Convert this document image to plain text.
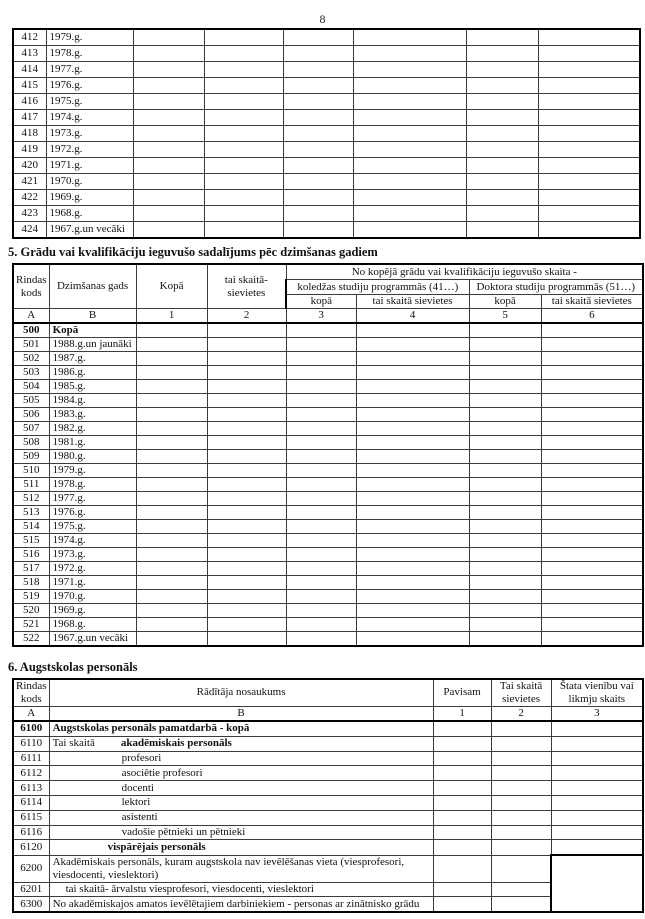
8
412	1979.g.						
413	1978.g.						
414	1977.g.						
415	1976.g.						
416	1975.g.						
417	1974.g.						
418	1973.g.						
419	1972.g.						
420	1971.g.						
421	1970.g.						
422	1969.g.						
423	1968.g.						
424	1967.g.un vecāki						
5. Grādu vai kvalifikāciju ieguvušo sadalījums pēc dzimšanas gadiem
Rindas kods	Dzimšanas gads	Kopā	tai skaitā- sievietes	No kopējā grādu vai kvalifikāciju ieguvušo skaita -			
				koledžas studiju programmās (41…)		Doktora studiju programmās (51…)	
				kopā	tai skaitā sievietes	kopā	tai skaitā sievietes
A	B	1	2	3	4	5	6
500	Kopā						
501	1988.g.un jaunāki						
502	1987.g.						
503	1986.g.						
504	1985.g.						
505	1984.g.						
506	1983.g.						
507	1982.g.						
508	1981.g.						
509	1980.g.						
510	1979.g.						
511	1978.g.						
512	1977.g.						
513	1976.g.						
514	1975.g.						
515	1974.g.						
516	1973.g.						
517	1972.g.						
518	1971.g.						
519	1970.g.						
520	1969.g.						
521	1968.g.						
522	1967.g.un vecāki						
6. Augstskolas personāls
Rindas kods	Rādītāja nosaukums	Pavisam	Tai skaitā sievietes	Štata vienību vai likmju skaits
A	B	1	2	3
6100	Augstskolas personāls pamatdarbā - kopā			
6110	Tai skaitā akadēmiskais personāls			
6111	profesori			
6112	asociētie profesori			
6113	docenti			
6114	lektori			
6115	asistenti			
6116	vadošie pētnieki un pētnieki			
6120	vispārējais personāls			
6200	Akadēmiskais personāls, kuram augstskola nav ievēlēšanas vieta (viesprofesori, viesdocenti, vieslektori)			
6201	tai skaitā- ārvalstu viesprofesori, viesdocenti, vieslektori			
6300	No akadēmiskajos amatos ievēlētajiem darbiniekiem - personas ar zinātnisko grādu			
